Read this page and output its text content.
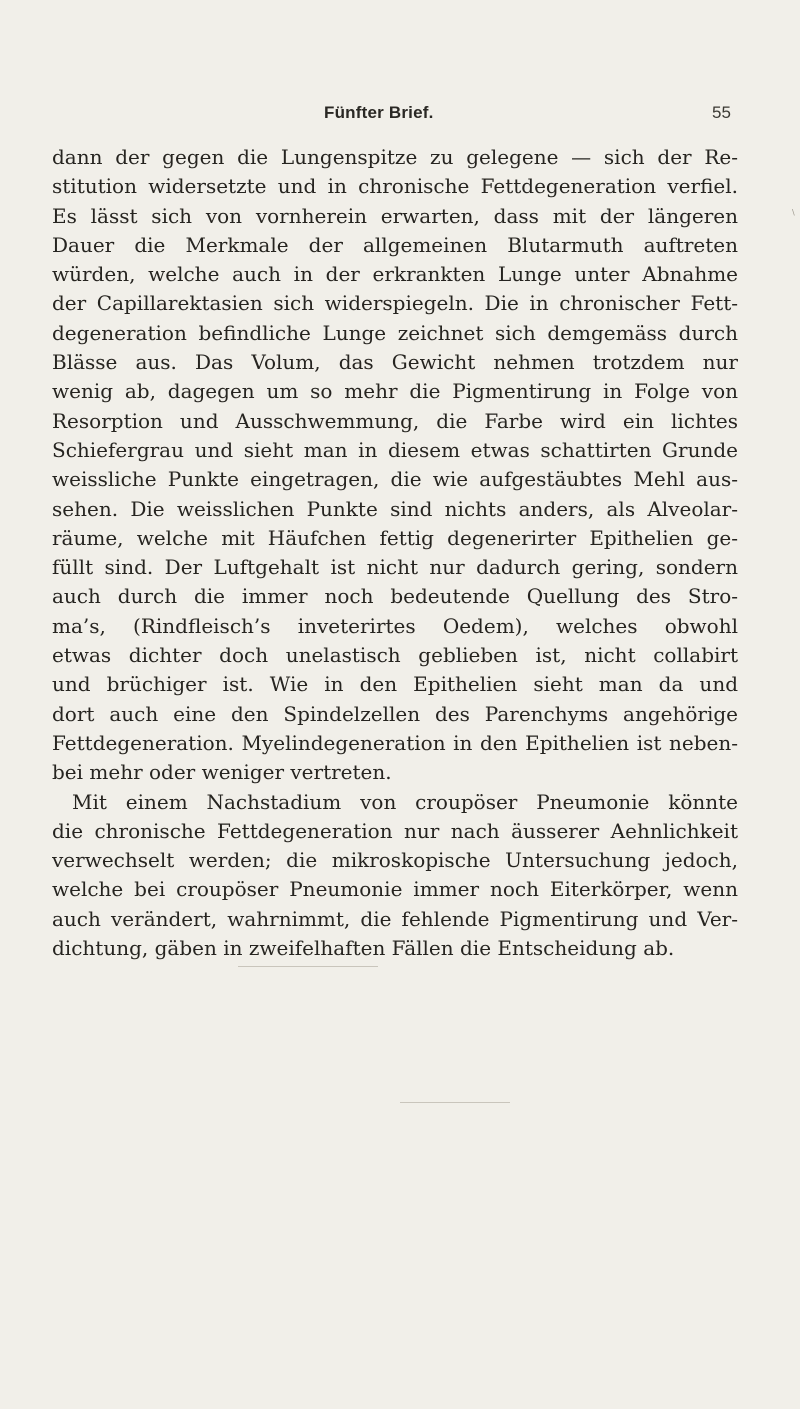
Fünfter Brief.	55
\
dann der gegen die Lungenspitze zu gelegene — sich der Re-
stitution widersetzte und in chronische Fettdegeneration verfiel.
Es lässt sich von vornherein erwarten, dass mit der längeren
Dauer die Merkmale der allgemeinen Blutarmuth auftreten
würden, welche auch in der erkrankten Lunge unter Abnahme
der Capillarektasien sich widerspiegeln. Die in chronischer Fett-
degeneration befindliche Lunge zeichnet sich demgemäss durch
Blässe aus. Das Volum, das Gewicht nehmen trotzdem nur
wenig ab, dagegen um so mehr die Pigmentirung in Folge von
Resorption und Ausschwemmung, die Farbe wird ein lichtes
Schiefergrau und sieht man in diesem etwas schattirten Grunde
weissliche Punkte eingetragen, die wie aufgestäubtes Mehl aus-
sehen. Die weisslichen Punkte sind nichts anders, als Alveolar-
räume, welche mit Häufchen fettig degenerirter Epithelien ge-
füllt sind. Der Luftgehalt ist nicht nur dadurch gering, sondern
auch durch die immer noch bedeutende Quellung des Stro-
ma’s, (Rindfleisch’s inveterirtes Oedem), welches obwohl
etwas dichter doch unelastisch geblieben ist, nicht collabirt
und brüchiger ist. Wie in den Epithelien sieht man da und
dort auch eine den Spindelzellen des Parenchyms angehörige
Fettdegeneration. Myelindegeneration in den Epithelien ist neben-
bei mehr oder weniger vertreten.
Mit einem Nachstadium von croupöser Pneumonie könnte
die chronische Fettdegeneration nur nach äusserer Aehnlichkeit
verwechselt werden; die mikroskopische Untersuchung jedoch,
welche bei croupöser Pneumonie immer noch Eiterkörper, wenn
auch verändert, wahrnimmt, die fehlende Pigmentirung und Ver-
dichtung, gäben in zweifelhaften Fällen die Entscheidung ab.
